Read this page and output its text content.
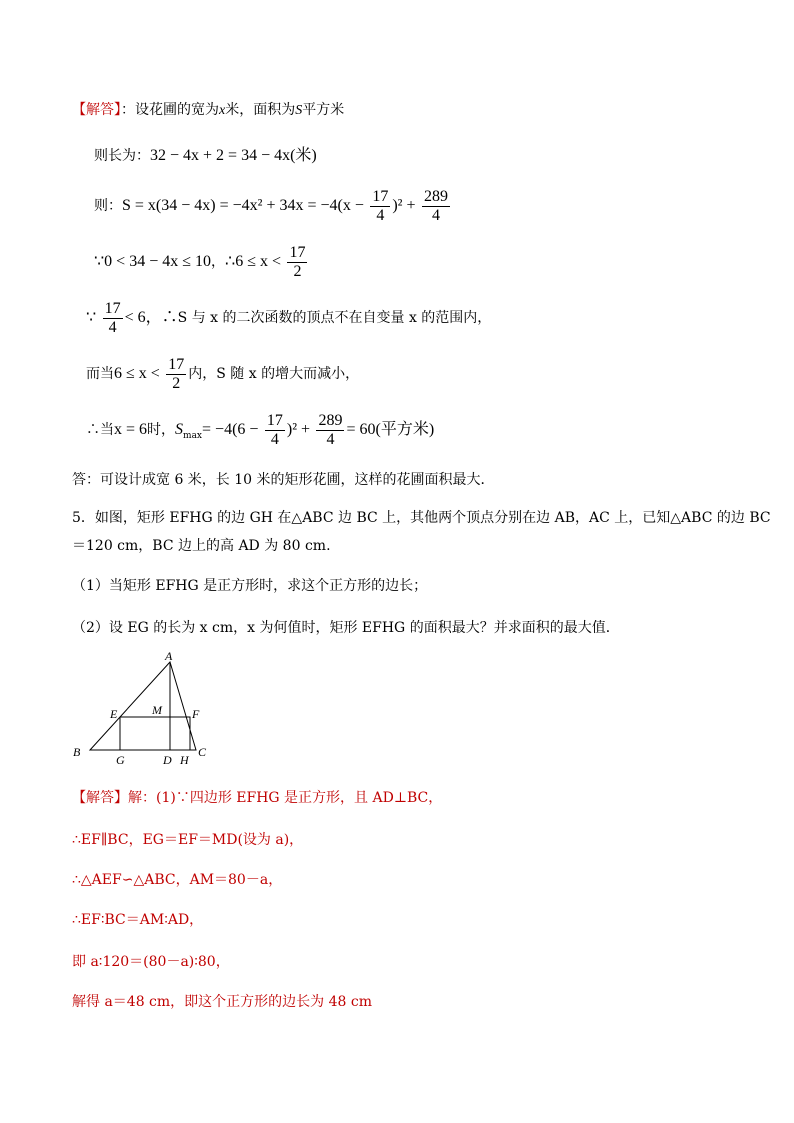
【解答】：设花圃的宽为x米，面积为S平方米
则长为：32 − 4x + 2 = 34 − 4x(米)
则：$S = x(34 - 4x) = -4x^2 + 34x = -4(x - \frac{17}{4} )^2 + \frac{289}{4}$
∵0 < 34 − 4x ≤ 10，∴6 ≤ $x < \frac{17}{2}$
∵ $\frac{17}{4} < 6$，∴S 与 x 的二次函数的顶点不在自变量 x 的范围内，
而当$6 \le x < \frac{17}{2}$ 内，S 随 x 的增大而减小，
∴当x = 6时，$S_{max}= -4(6 - \frac{17}{4} )^2 + \frac{289}{4} = 60$(平方米)
答：可设计成宽 6 米，长 10 米的矩形花圃，这样的花圃面积最大．
5．如图，矩形 EFHG 的边 GH 在△ABC 边 BC 上，其他两个顶点分别在边 AB，AC 上，已知△ABC 的边 BC
＝120 cm，BC 边上的高 AD 为 80 cm.
（1）当矩形 EFHG 是正方形时，求这个正方形的边长；
（2）设 EG 的长为 x cm，x 为何值时，矩形 EFHG 的面积最大？并求面积的最大值．
A
B	C
D
E	F
G	H
M
【解答】解：(1)∵四边形 EFHG 是正方形，且 AD⊥BC，
∴EF∥BC，EG＝EF＝MD(设为 a)，
∴△AEF∽△ABC，AM＝80－a，
∴EF∶BC＝AM∶AD，
即 a∶120＝(80－a)∶80，
解得 a＝48 cm，即这个正方形的边长为 48 cm
